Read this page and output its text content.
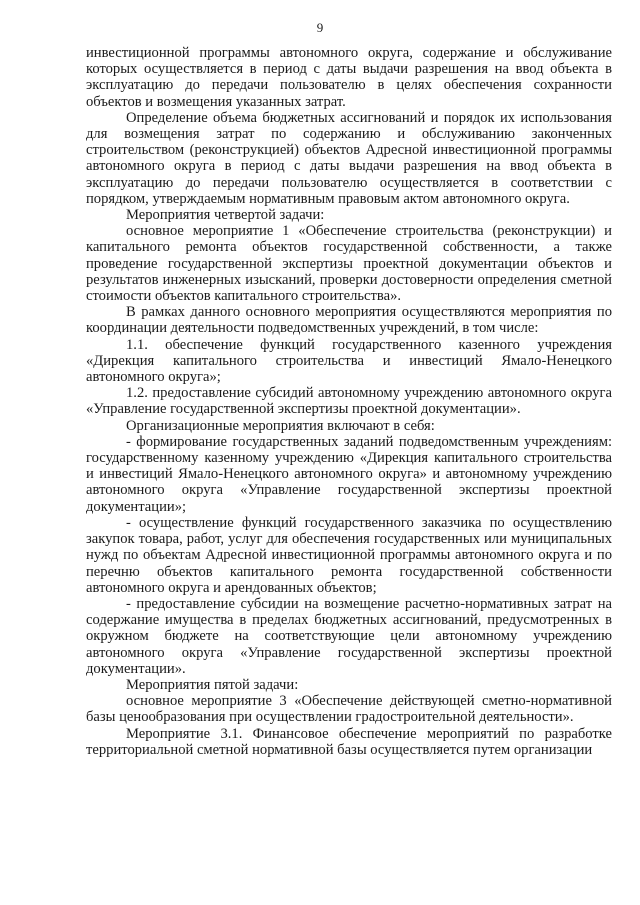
9

инвестиционной программы автономного округа, содержание и обслуживание которых осуществляется в период с даты выдачи разрешения на ввод объекта в эксплуатацию до передачи пользователю в целях обеспечения сохранности объектов и возмещения указанных затрат.

Определение объема бюджетных ассигнований и порядок их использования для возмещения затрат по содержанию и обслуживанию законченных строительством (реконструкцией) объектов Адресной инвестиционной программы автономного округа в период с даты выдачи разрешения на ввод объекта в эксплуатацию до передачи пользователю осуществляется в соответствии с порядком, утверждаемым нормативным правовым актом автономного округа.

Мероприятия четвертой задачи:

основное мероприятие 1 «Обеспечение строительства (реконструкции) и капитального ремонта объектов государственной собственности, а также проведение государственной экспертизы проектной документации объектов и результатов инженерных изысканий, проверки достоверности определения сметной стоимости объектов капитального строительства».

В рамках данного основного мероприятия осуществляются мероприятия по координации деятельности подведомственных учреждений, в том числе:

1.1. обеспечение функций государственного казенного учреждения «Дирекция капитального строительства и инвестиций Ямало-Ненецкого автономного округа»;

1.2. предоставление субсидий автономному учреждению автономного округа «Управление государственной экспертизы проектной документации».

Организационные мероприятия включают в себя:

- формирование государственных заданий подведомственным учреждениям: государственному казенному учреждению «Дирекция капитального строительства и инвестиций Ямало-Ненецкого автономного округа» и автономному учреждению автономного округа «Управление государственной экспертизы проектной документации»;

- осуществление функций государственного заказчика по осуществлению закупок товара, работ, услуг для обеспечения государственных или муниципальных нужд по объектам Адресной инвестиционной программы автономного округа и по перечню объектов капитального ремонта государственной собственности автономного округа и арендованных объектов;

- предоставление субсидии на возмещение расчетно-нормативных затрат на содержание имущества в пределах бюджетных ассигнований, предусмотренных в окружном бюджете на соответствующие цели автономному учреждению автономного округа «Управление государственной экспертизы проектной документации».

Мероприятия пятой задачи:

основное мероприятие 3 «Обеспечение действующей сметно-нормативной базы ценообразования при осуществлении градостроительной деятельности».

Мероприятие 3.1. Финансовое обеспечение мероприятий по разработке территориальной сметной нормативной базы осуществляется путем организации
